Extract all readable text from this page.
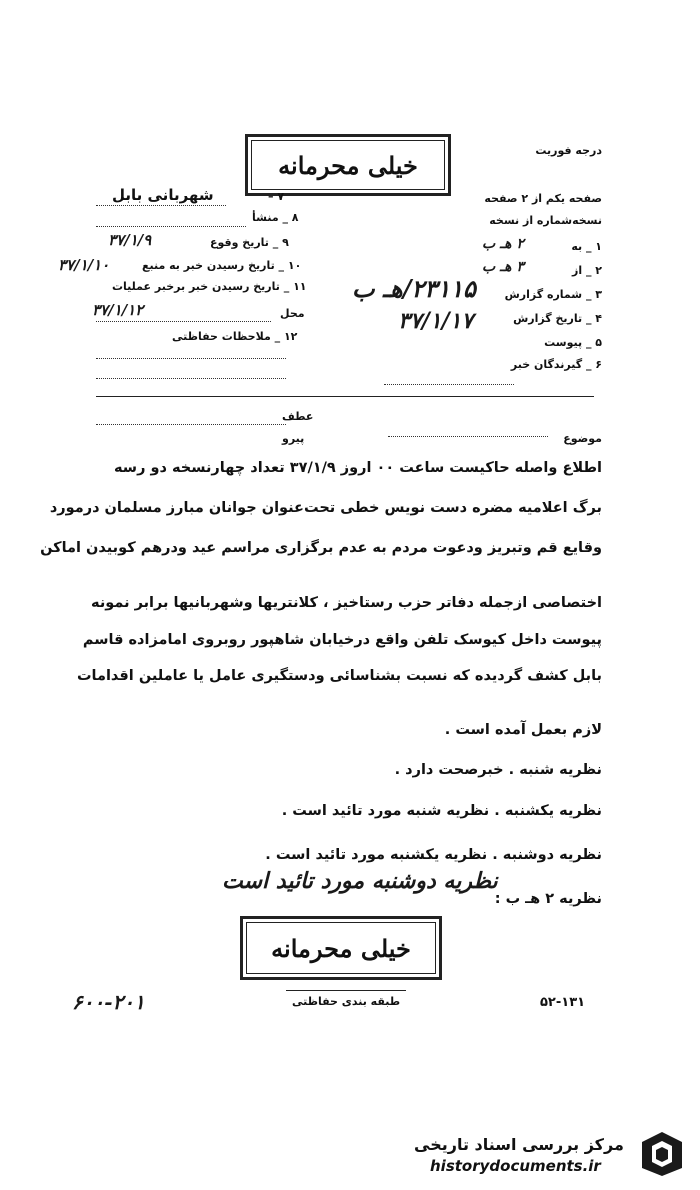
درجه فوریت
خیلی محرمانه
صفحه یکم از ۲ صفحه
نسخه‌شماره از نسخه
شهربانی بابل	۷ –
۸ _ منشأ
۹ _ تاریخ وقوع
۳۷/۱/۹
۱۰ _ تاریخ رسیدن خبر به منبع
۳۷/۱/۱۰
۱۱ _ تاریخ رسیدن خبر برخبر عملیات
محل
۳۷/۱/۱۲
۱۲ _ ملاحظات حفاظتی
۱ _ به
۲ هـ ب
۲ _ از
۳ هـ ب
۳ _ شماره گزارش
۲۳۱۱۵/هـ ب
۴ _ تاریخ گزارش
۳۷/۱/۱۷
۵ _ پیوست
۶ _ گیرندگان خبر
عطف
پیرو	موضوع
اطلاع واصله حاکیست ساعت ۰۰ اروز ۳۷/۱/۹ تعداد چهارنسخه دو رسه
برگ اعلامیه مضره دست نویس خطی تحت‌عنوان جوانان مبارز مسلمان درمورد
وقایع قم وتبریز ودعوت مردم به عدم برگزاری مراسم عید ودرهم کوبیدن اماکن
اختصاصی ازجمله دفاتر حزب رستاخیز ، کلانتریها وشهربانیها برابر نمونه
پیوست داخل کیوسک تلفن واقع درخیابان شاهپور روبروی امامزاده قاسم
بابل کشف گردیده که نسبت بشناسائی ودستگیری عامل یا عاملین اقدامات
لازم بعمل آمده است .
نظریه شنبه . خبرصحت دارد .
نظریه یکشنبه . نظریه شنبه مورد تائید است .
نظریه دوشنبه . نظریه یکشنبه مورد تائید است .
نظریه ۲ هـ ب :
نظریه دوشنبه مورد تائید است
خیلی محرمانه
طبقه بندی حفاظتی	۵۲-۱۳۱
۶۰۰-۲۰۱
مرکز بررسی اسناد تاریخی
historydocuments.ir
